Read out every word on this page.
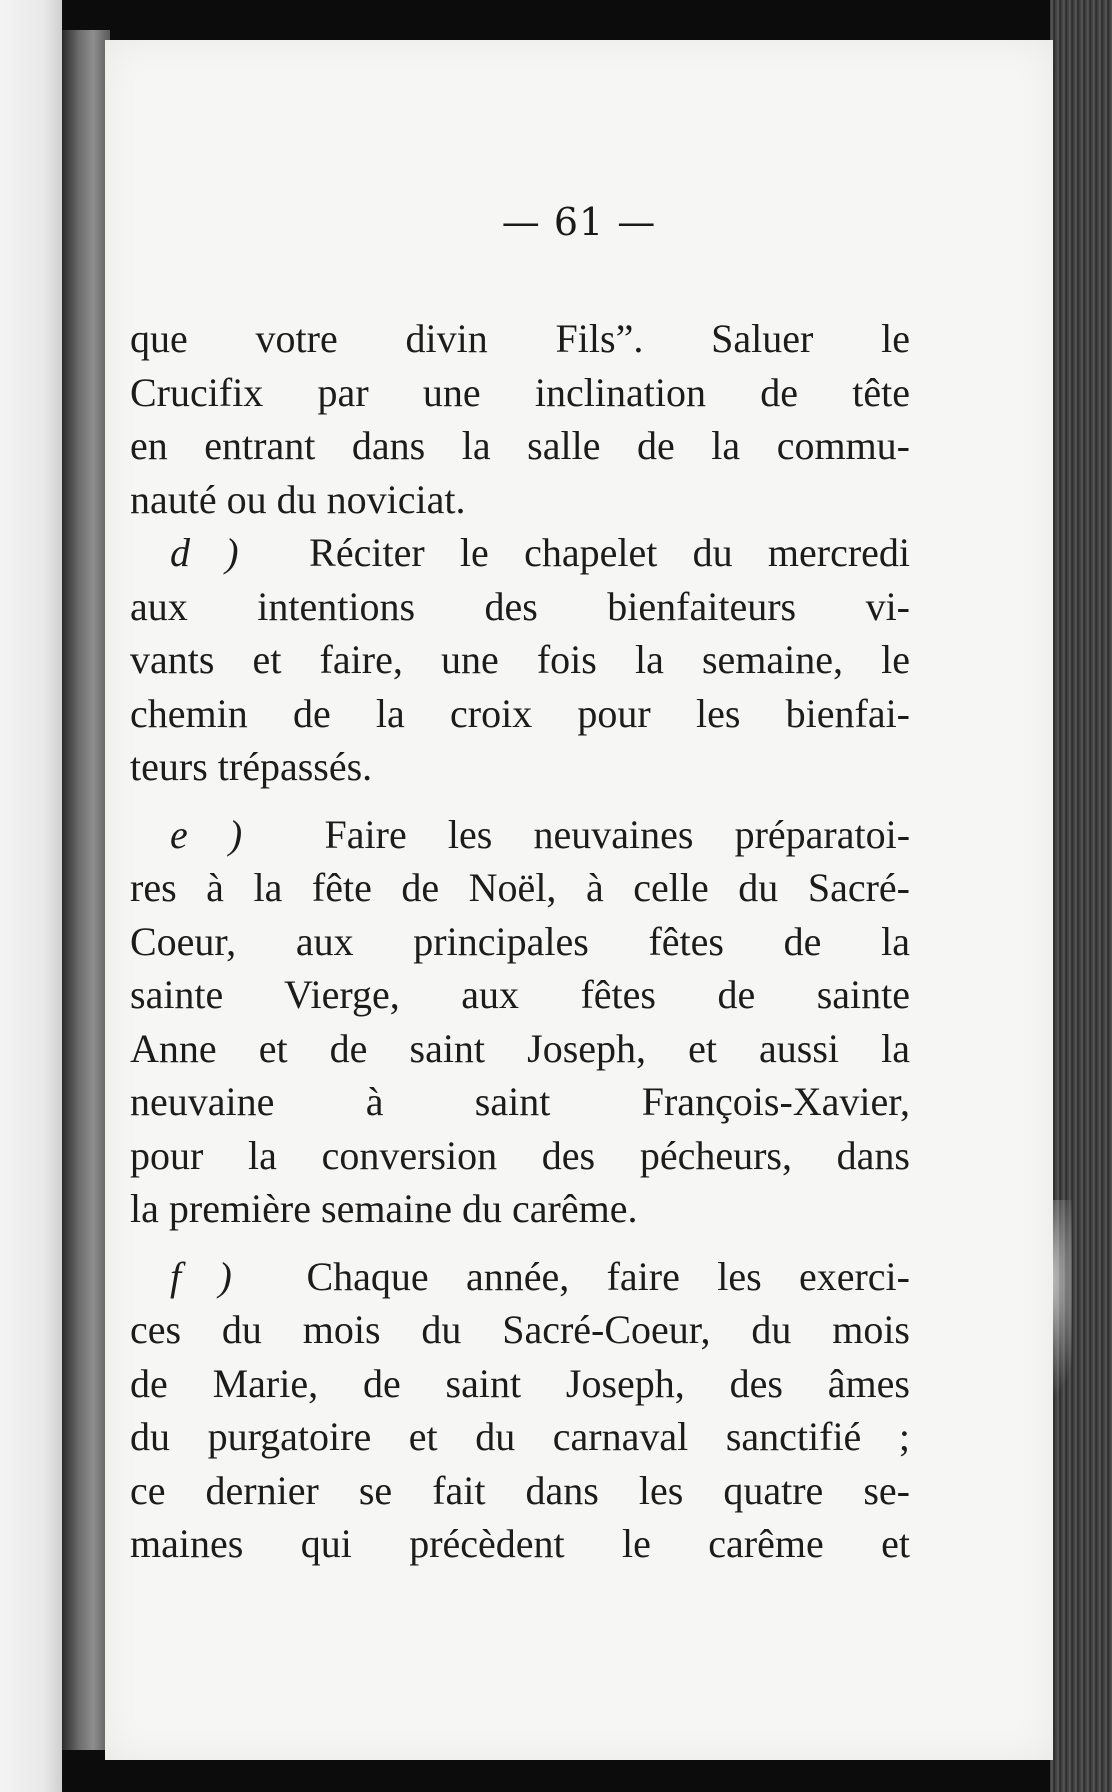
— 61 —
que votre divin Fils”. Saluer le
Crucifix par une inclination de tête
en entrant dans la salle de la commu-
nauté ou du noviciat.
d ) Réciter le chapelet du mercredi
aux intentions des bienfaiteurs vi-
vants et faire, une fois la semaine, le
chemin de la croix pour les bienfai-
teurs trépassés.
e ) Faire les neuvaines préparatoi-
res à la fête de Noël, à celle du Sacré-
Coeur, aux principales fêtes de la
sainte Vierge, aux fêtes de sainte
Anne et de saint Joseph, et aussi la
neuvaine à saint François-Xavier,
pour la conversion des pécheurs, dans
la première semaine du carême.
f ) Chaque année, faire les exerci-
ces du mois du Sacré-Coeur, du mois
de Marie, de saint Joseph, des âmes
du purgatoire et du carnaval sanctifié ;
ce dernier se fait dans les quatre se-
maines qui précèdent le carême et
